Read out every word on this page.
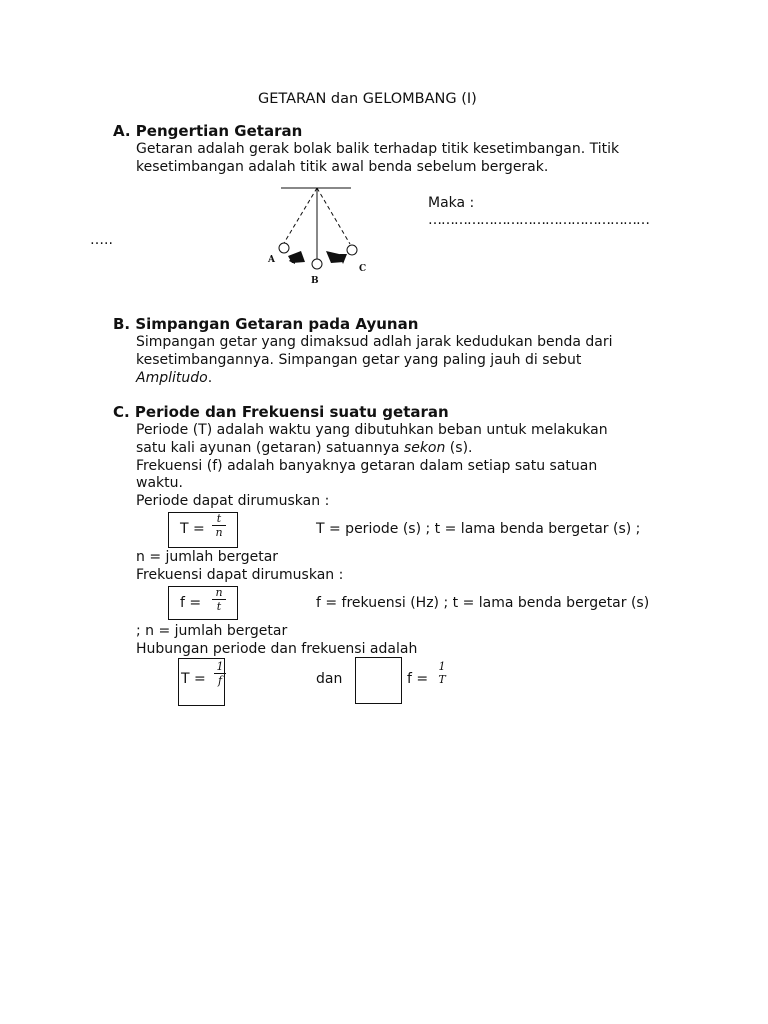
GETARAN dan GELOMBANG (I)
A. Pengertian Getaran
Getaran adalah gerak bolak balik terhadap titik kesetimbangan. Titik
kesetimbangan adalah titik awal benda sebelum bergerak.
Maka :
……………………………………………
…..
A
B
C
B. Simpangan Getaran pada Ayunan
Simpangan getar yang dimaksud adlah jarak kedudukan benda dari
kesetimbangannya. Simpangan getar yang paling jauh di sebut
Amplitudo.
C. Periode dan Frekuensi suatu getaran
Periode (T) adalah waktu yang dibutuhkan beban untuk melakukan
satu kali ayunan (getaran) satuannya sekon (s).
Frekuensi (f) adalah banyaknya getaran dalam setiap satu satuan
waktu.
Periode dapat dirumuskan :
$T = \frac{t}{n}$	T = periode (s) ; t = lama benda bergetar (s) ;
n = jumlah bergetar
Frekuensi dapat dirumuskan :
$f = \frac{n}{t}$	f = frekuensi (Hz) ; t = lama benda bergetar (s)
; n = jumlah bergetar
Hubungan periode dan frekuensi adalah
$T = \frac{1}{f}$	dan	f =
1
T
